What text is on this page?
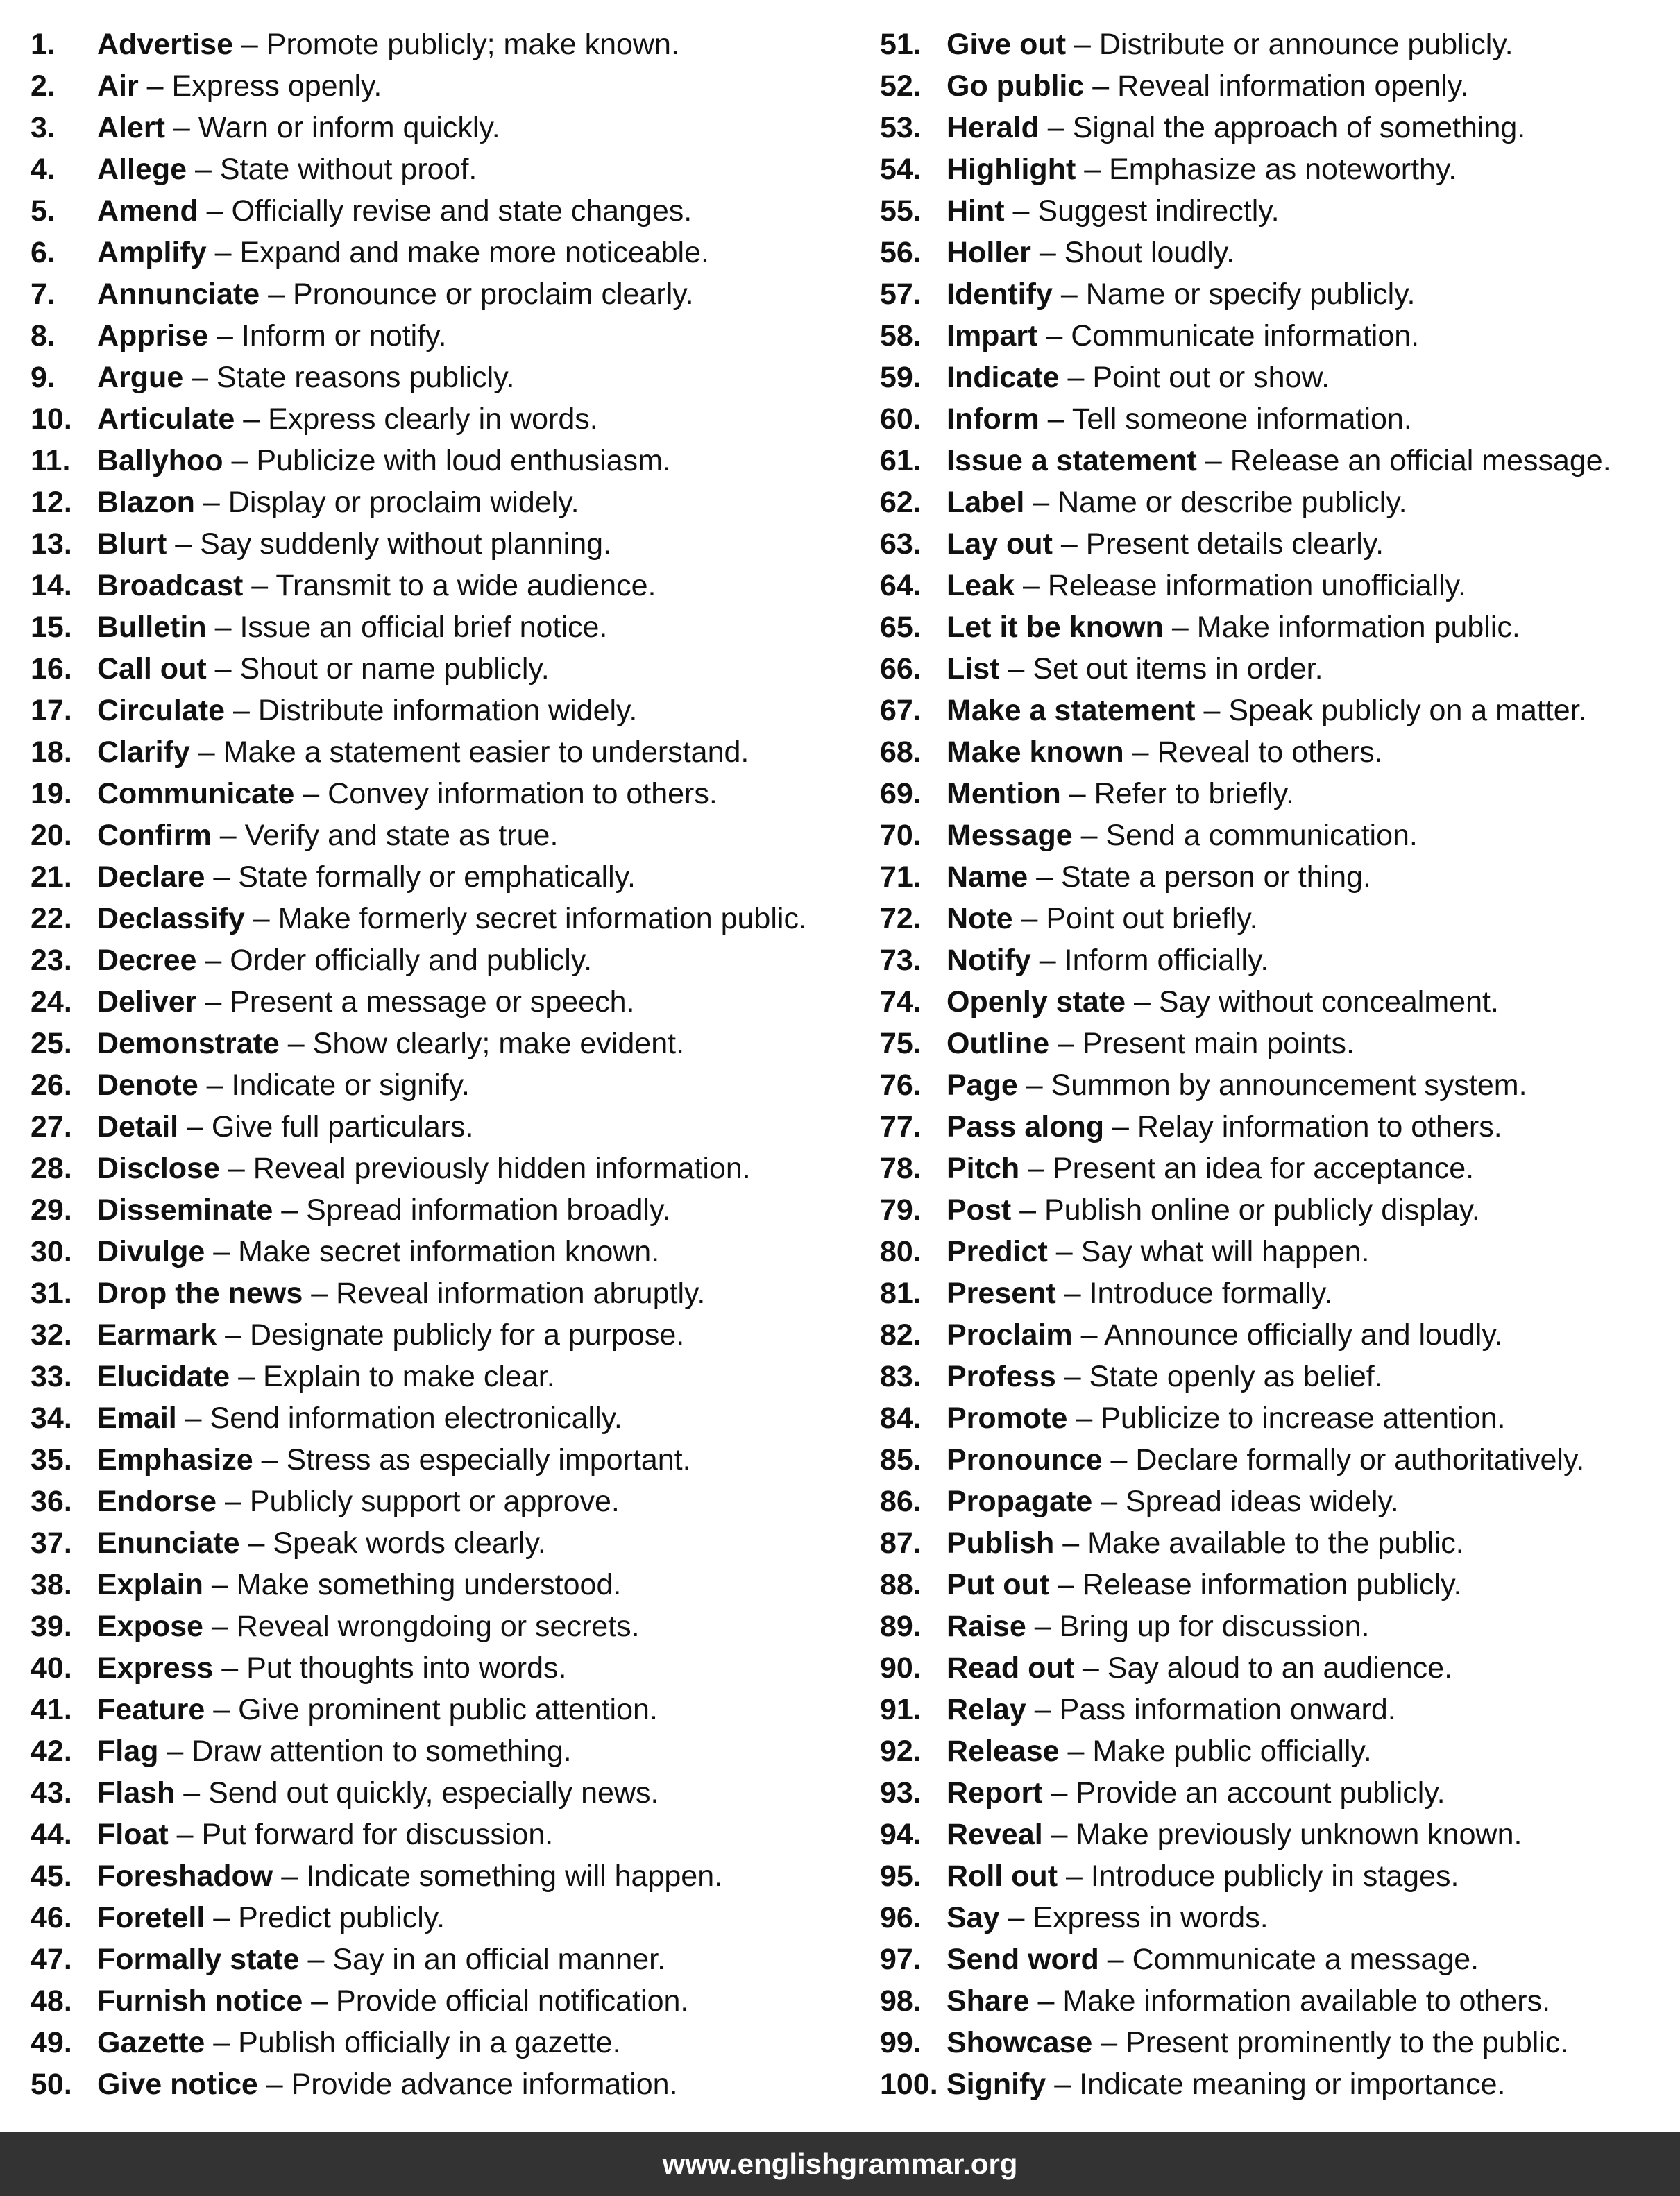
1. Advertise – Promote publicly; make known.
2. Air – Express openly.
3. Alert – Warn or inform quickly.
4. Allege – State without proof.
5. Amend – Officially revise and state changes.
6. Amplify – Expand and make more noticeable.
7. Annunciate – Pronounce or proclaim clearly.
8. Apprise – Inform or notify.
9. Argue – State reasons publicly.
10. Articulate – Express clearly in words.
11. Ballyhoo – Publicize with loud enthusiasm.
12. Blazon – Display or proclaim widely.
13. Blurt – Say suddenly without planning.
14. Broadcast – Transmit to a wide audience.
15. Bulletin – Issue an official brief notice.
16. Call out – Shout or name publicly.
17. Circulate – Distribute information widely.
18. Clarify – Make a statement easier to understand.
19. Communicate – Convey information to others.
20. Confirm – Verify and state as true.
21. Declare – State formally or emphatically.
22. Declassify – Make formerly secret information public.
23. Decree – Order officially and publicly.
24. Deliver – Present a message or speech.
25. Demonstrate – Show clearly; make evident.
26. Denote – Indicate or signify.
27. Detail – Give full particulars.
28. Disclose – Reveal previously hidden information.
29. Disseminate – Spread information broadly.
30. Divulge – Make secret information known.
31. Drop the news – Reveal information abruptly.
32. Earmark – Designate publicly for a purpose.
33. Elucidate – Explain to make clear.
34. Email – Send information electronically.
35. Emphasize – Stress as especially important.
36. Endorse – Publicly support or approve.
37. Enunciate – Speak words clearly.
38. Explain – Make something understood.
39. Expose – Reveal wrongdoing or secrets.
40. Express – Put thoughts into words.
41. Feature – Give prominent public attention.
42. Flag – Draw attention to something.
43. Flash – Send out quickly, especially news.
44. Float – Put forward for discussion.
45. Foreshadow – Indicate something will happen.
46. Foretell – Predict publicly.
47. Formally state – Say in an official manner.
48. Furnish notice – Provide official notification.
49. Gazette – Publish officially in a gazette.
50. Give notice – Provide advance information.
51. Give out – Distribute or announce publicly.
52. Go public – Reveal information openly.
53. Herald – Signal the approach of something.
54. Highlight – Emphasize as noteworthy.
55. Hint – Suggest indirectly.
56. Holler – Shout loudly.
57. Identify – Name or specify publicly.
58. Impart – Communicate information.
59. Indicate – Point out or show.
60. Inform – Tell someone information.
61. Issue a statement – Release an official message.
62. Label – Name or describe publicly.
63. Lay out – Present details clearly.
64. Leak – Release information unofficially.
65. Let it be known – Make information public.
66. List – Set out items in order.
67. Make a statement – Speak publicly on a matter.
68. Make known – Reveal to others.
69. Mention – Refer to briefly.
70. Message – Send a communication.
71. Name – State a person or thing.
72. Note – Point out briefly.
73. Notify – Inform officially.
74. Openly state – Say without concealment.
75. Outline – Present main points.
76. Page – Summon by announcement system.
77. Pass along – Relay information to others.
78. Pitch – Present an idea for acceptance.
79. Post – Publish online or publicly display.
80. Predict – Say what will happen.
81. Present – Introduce formally.
82. Proclaim – Announce officially and loudly.
83. Profess – State openly as belief.
84. Promote – Publicize to increase attention.
85. Pronounce – Declare formally or authoritatively.
86. Propagate – Spread ideas widely.
87. Publish – Make available to the public.
88. Put out – Release information publicly.
89. Raise – Bring up for discussion.
90. Read out – Say aloud to an audience.
91. Relay – Pass information onward.
92. Release – Make public officially.
93. Report – Provide an account publicly.
94. Reveal – Make previously unknown known.
95. Roll out – Introduce publicly in stages.
96. Say – Express in words.
97. Send word – Communicate a message.
98. Share – Make information available to others.
99. Showcase – Present prominently to the public.
100. Signify – Indicate meaning or importance.
www.englishgrammar.org
